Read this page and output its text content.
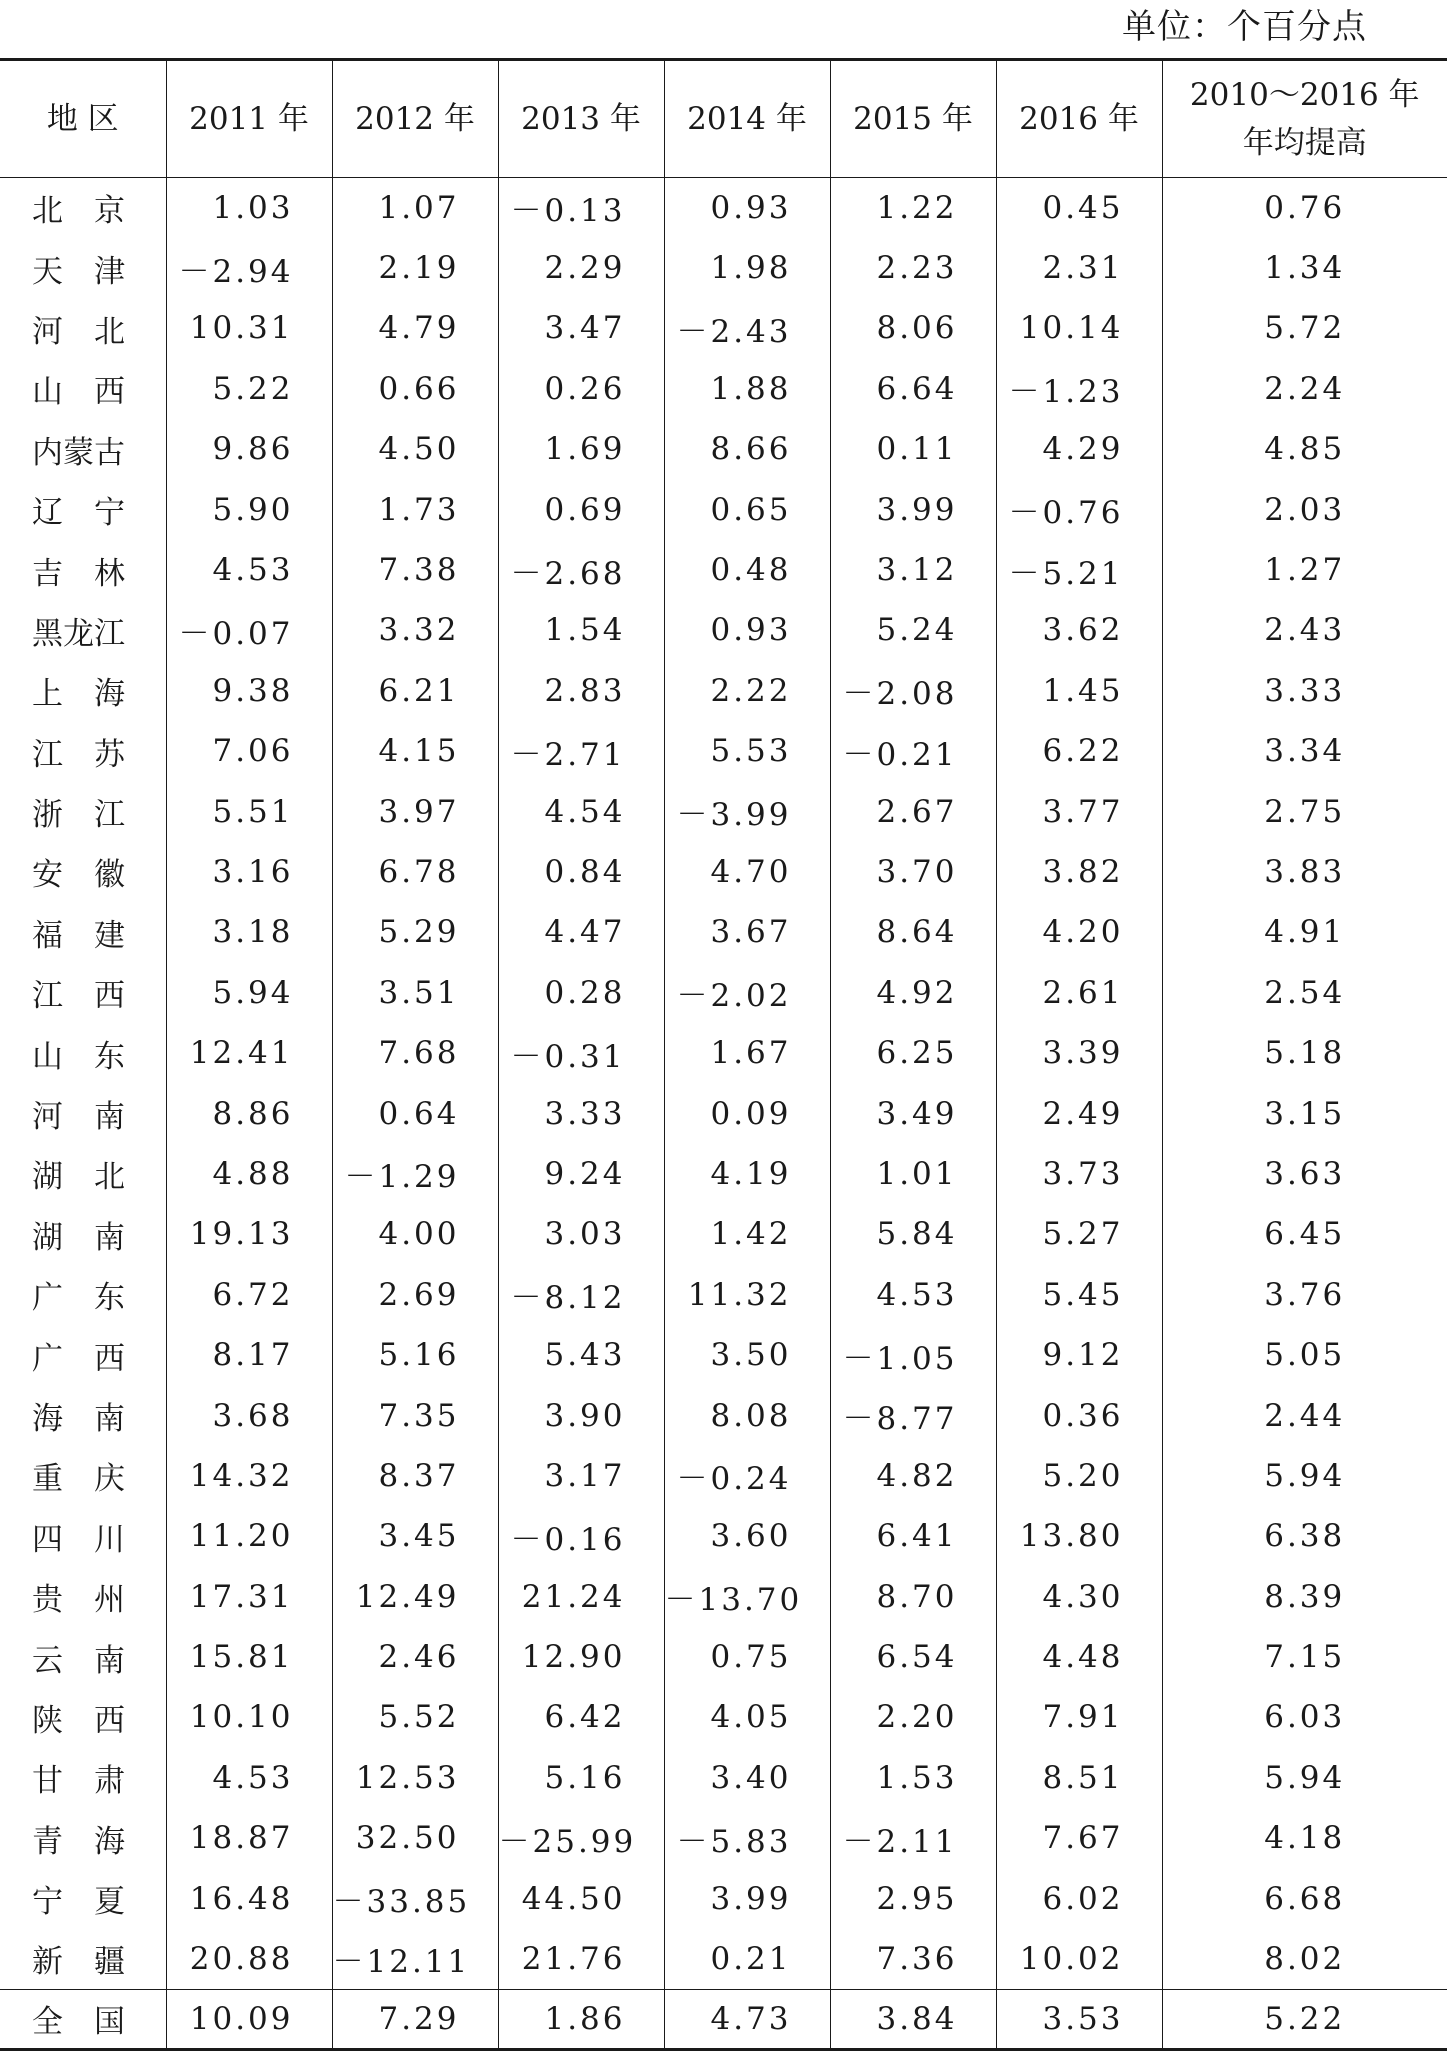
单位：个百分点
地 区	2011 年	2012 年	2013 年	2014 年	2015 年	2016 年	2010～2016 年
年均提高

北　京	1.03	1.07	－0.13	0.93	1.22	0.45	0.76
天　津	－2.94	2.19	2.29	1.98	2.23	2.31	1.34
河　北	10.31	4.79	3.47	－2.43	8.06	10.14	5.72
山　西	5.22	0.66	0.26	1.88	6.64	－1.23	2.24
内蒙古	9.86	4.50	1.69	8.66	0.11	4.29	4.85
辽　宁	5.90	1.73	0.69	0.65	3.99	－0.76	2.03
吉　林	4.53	7.38	－2.68	0.48	3.12	－5.21	1.27
黑龙江	－0.07	3.32	1.54	0.93	5.24	3.62	2.43
上　海	9.38	6.21	2.83	2.22	－2.08	1.45	3.33
江　苏	7.06	4.15	－2.71	5.53	－0.21	6.22	3.34
浙　江	5.51	3.97	4.54	－3.99	2.67	3.77	2.75
安　徽	3.16	6.78	0.84	4.70	3.70	3.82	3.83
福　建	3.18	5.29	4.47	3.67	8.64	4.20	4.91
江　西	5.94	3.51	0.28	－2.02	4.92	2.61	2.54
山　东	12.41	7.68	－0.31	1.67	6.25	3.39	5.18
河　南	8.86	0.64	3.33	0.09	3.49	2.49	3.15
湖　北	4.88	－1.29	9.24	4.19	1.01	3.73	3.63
湖　南	19.13	4.00	3.03	1.42	5.84	5.27	6.45
广　东	6.72	2.69	－8.12	11.32	4.53	5.45	3.76
广　西	8.17	5.16	5.43	3.50	－1.05	9.12	5.05
海　南	3.68	7.35	3.90	8.08	－8.77	0.36	2.44
重　庆	14.32	8.37	3.17	－0.24	4.82	5.20	5.94
四　川	11.20	3.45	－0.16	3.60	6.41	13.80	6.38
贵　州	17.31	12.49	21.24	－13.70	8.70	4.30	8.39
云　南	15.81	2.46	12.90	0.75	6.54	4.48	7.15
陕　西	10.10	5.52	6.42	4.05	2.20	7.91	6.03
甘　肃	4.53	12.53	5.16	3.40	1.53	8.51	5.94
青　海	18.87	32.50	－25.99	－5.83	－2.11	7.67	4.18
宁　夏	16.48	－33.85	44.50	3.99	2.95	6.02	6.68
新　疆	20.88	－12.11	21.76	0.21	7.36	10.02	8.02
全　国	10.09	7.29	1.86	4.73	3.84	3.53	5.22
